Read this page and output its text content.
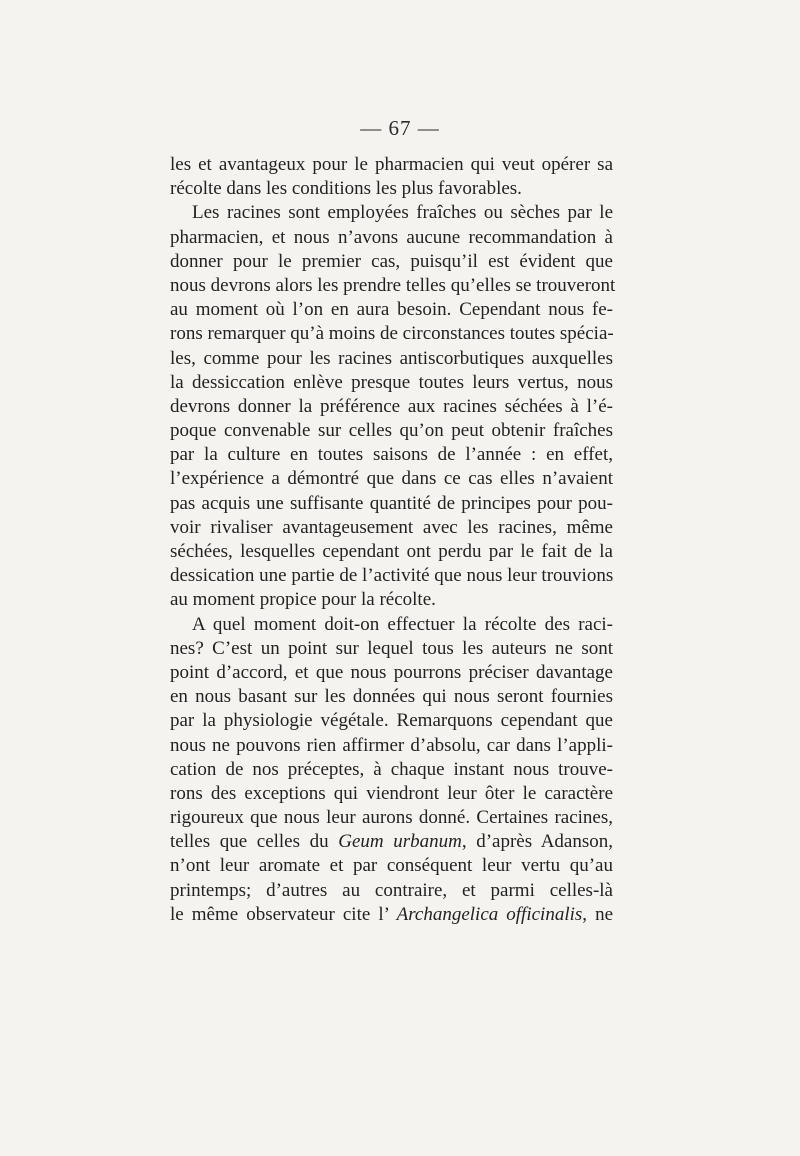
— 67 —
les et avantageux pour le pharmacien qui veut opérer sa
récolte dans les conditions les plus favorables.
Les racines sont employées fraîches ou sèches par le
pharmacien, et nous n’avons aucune recommandation à
donner pour le premier cas, puisqu’il est évident que
nous devrons alors les prendre telles qu’elles se trouveront
au moment où l’on en aura besoin. Cependant nous fe-
rons remarquer qu’à moins de circonstances toutes spécia-
les, comme pour les racines antiscorbutiques auxquelles
la dessiccation enlève presque toutes leurs vertus, nous
devrons donner la préférence aux racines séchées à l’é-
poque convenable sur celles qu’on peut obtenir fraîches
par la culture en toutes saisons de l’année : en effet,
l’expérience a démontré que dans ce cas elles n’avaient
pas acquis une suffisante quantité de principes pour pou-
voir rivaliser avantageusement avec les racines, même
séchées, lesquelles cependant ont perdu par le fait de la
dessication une partie de l’activité que nous leur trouvions
au moment propice pour la récolte.
A quel moment doit-on effectuer la récolte des raci-
nes? C’est un point sur lequel tous les auteurs ne sont
point d’accord, et que nous pourrons préciser davantage
en nous basant sur les données qui nous seront fournies
par la physiologie végétale. Remarquons cependant que
nous ne pouvons rien affirmer d’absolu, car dans l’appli-
cation de nos préceptes, à chaque instant nous trouve-
rons des exceptions qui viendront leur ôter le caractère
rigoureux que nous leur aurons donné. Certaines racines,
telles que celles du Geum urbanum, d’après Adanson,
n’ont leur aromate et par conséquent leur vertu qu’au
printemps; d’autres au contraire, et parmi celles-là
le même observateur cite l’ Archangelica officinalis, ne
